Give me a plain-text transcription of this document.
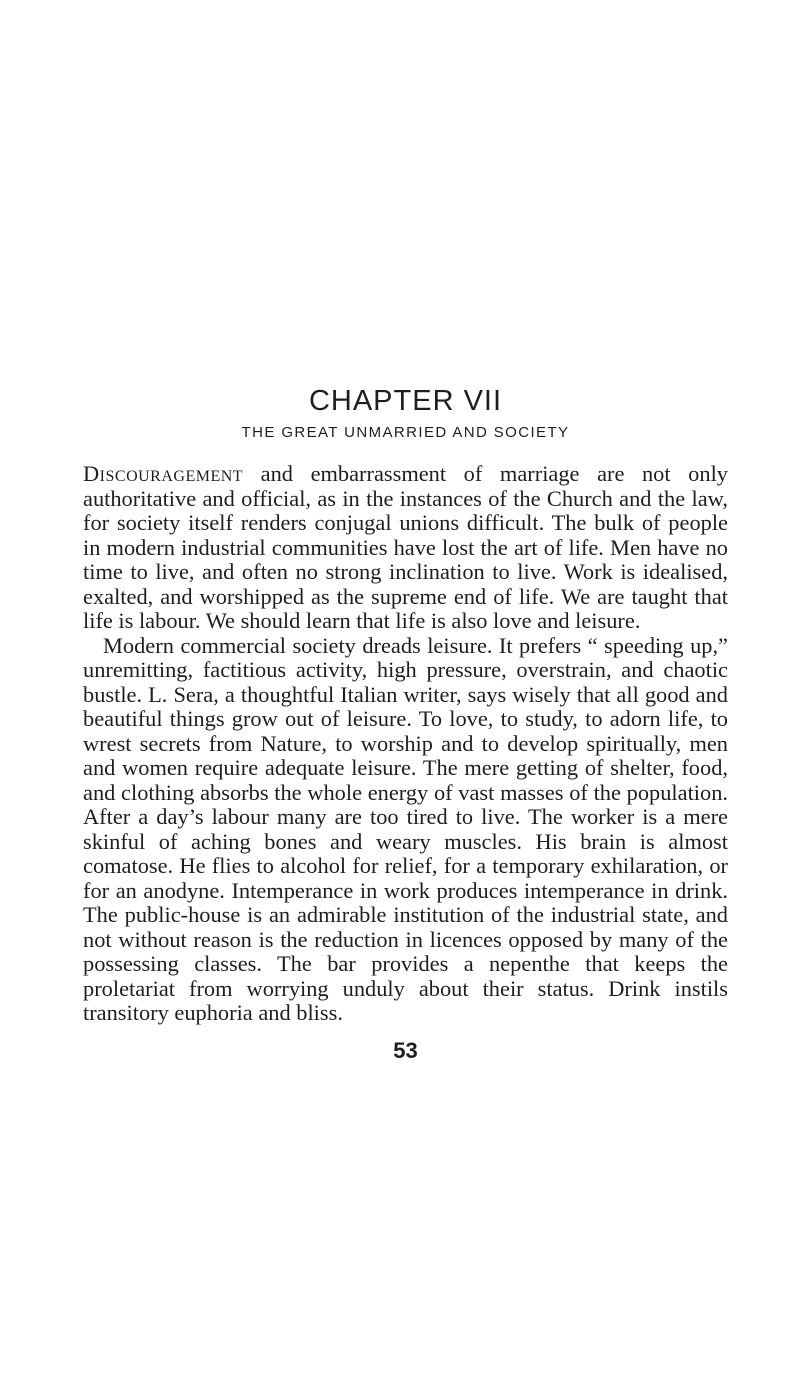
CHAPTER VII
THE GREAT UNMARRIED AND SOCIETY

Discouragement and embarrassment of marriage are not only authoritative and official, as in the instances of the Church and the law, for society itself renders conjugal unions difficult. The bulk of people in modern industrial communities have lost the art of life. Men have no time to live, and often no strong inclination to live. Work is idealised, exalted, and worshipped as the supreme end of life. We are taught that life is labour. We should learn that life is also love and leisure.

Modern commercial society dreads leisure. It prefers “ speeding up,” unremitting, factitious activity, high pressure, overstrain, and chaotic bustle. L. Sera, a thoughtful Italian writer, says wisely that all good and beautiful things grow out of leisure. To love, to study, to adorn life, to wrest secrets from Nature, to worship and to develop spiritually, men and women require adequate leisure. The mere getting of shelter, food, and clothing absorbs the whole energy of vast masses of the population. After a day’s labour many are too tired to live. The worker is a mere skinful of aching bones and weary muscles. His brain is almost comatose. He flies to alcohol for relief, for a temporary exhilaration, or for an anodyne. Intemperance in work produces intemperance in drink. The public-house is an admirable institution of the industrial state, and not without reason is the reduction in licences opposed by many of the possessing classes. The bar provides a nepenthe that keeps the proletariat from worrying unduly about their status. Drink instils transitory euphoria and bliss.

53
